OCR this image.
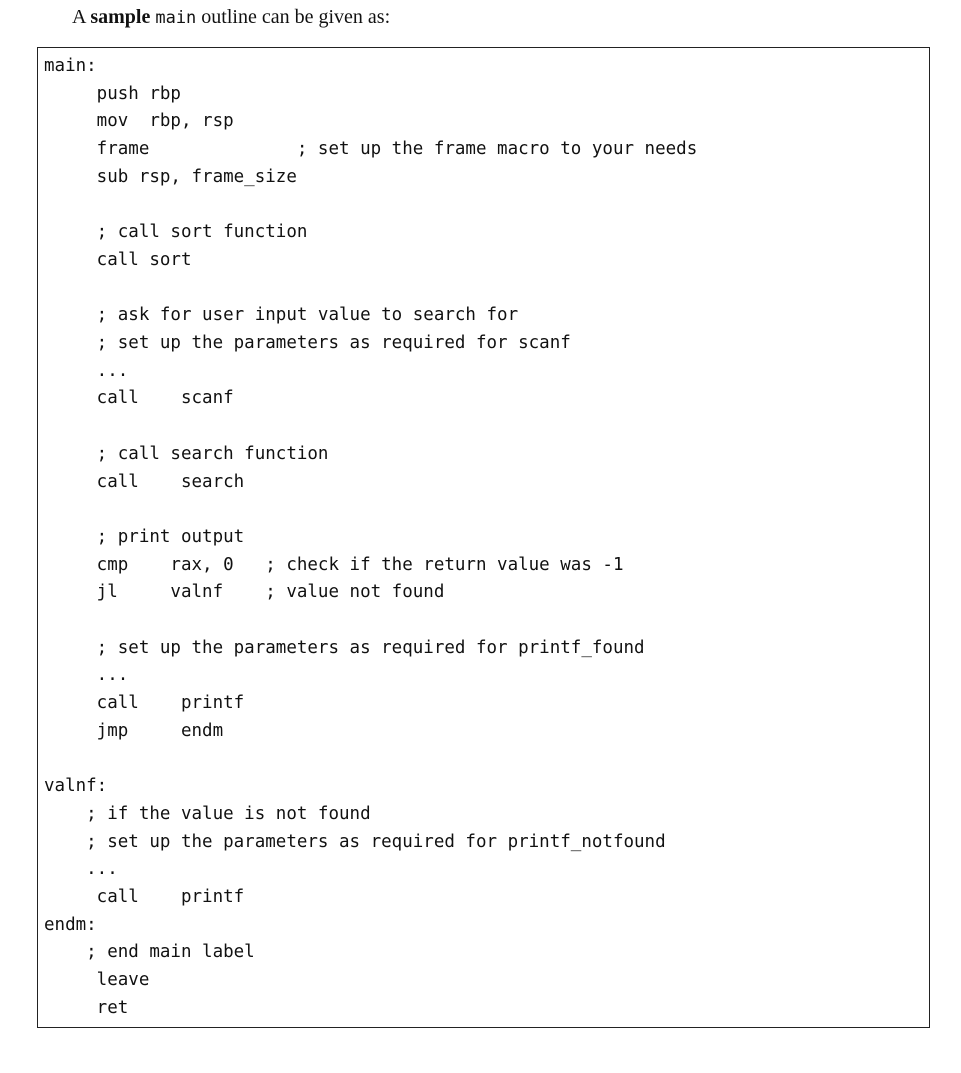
A sample main outline can be given as:
main:
push rbp
mov  rbp, rsp
frame              ; set up the frame macro to your needs
sub rsp, frame_size
; call sort function
call sort
; ask for user input value to search for
; set up the parameters as required for scanf
...
call    scanf
; call search function
call    search
; print output
cmp    rax, 0   ; check if the return value was -1
jl     valnf    ; value not found
; set up the parameters as required for printf_found
...
call    printf
jmp     endm
valnf:
; if the value is not found
; set up the parameters as required for printf_notfound
...
call    printf
endm:
; end main label
leave
ret
